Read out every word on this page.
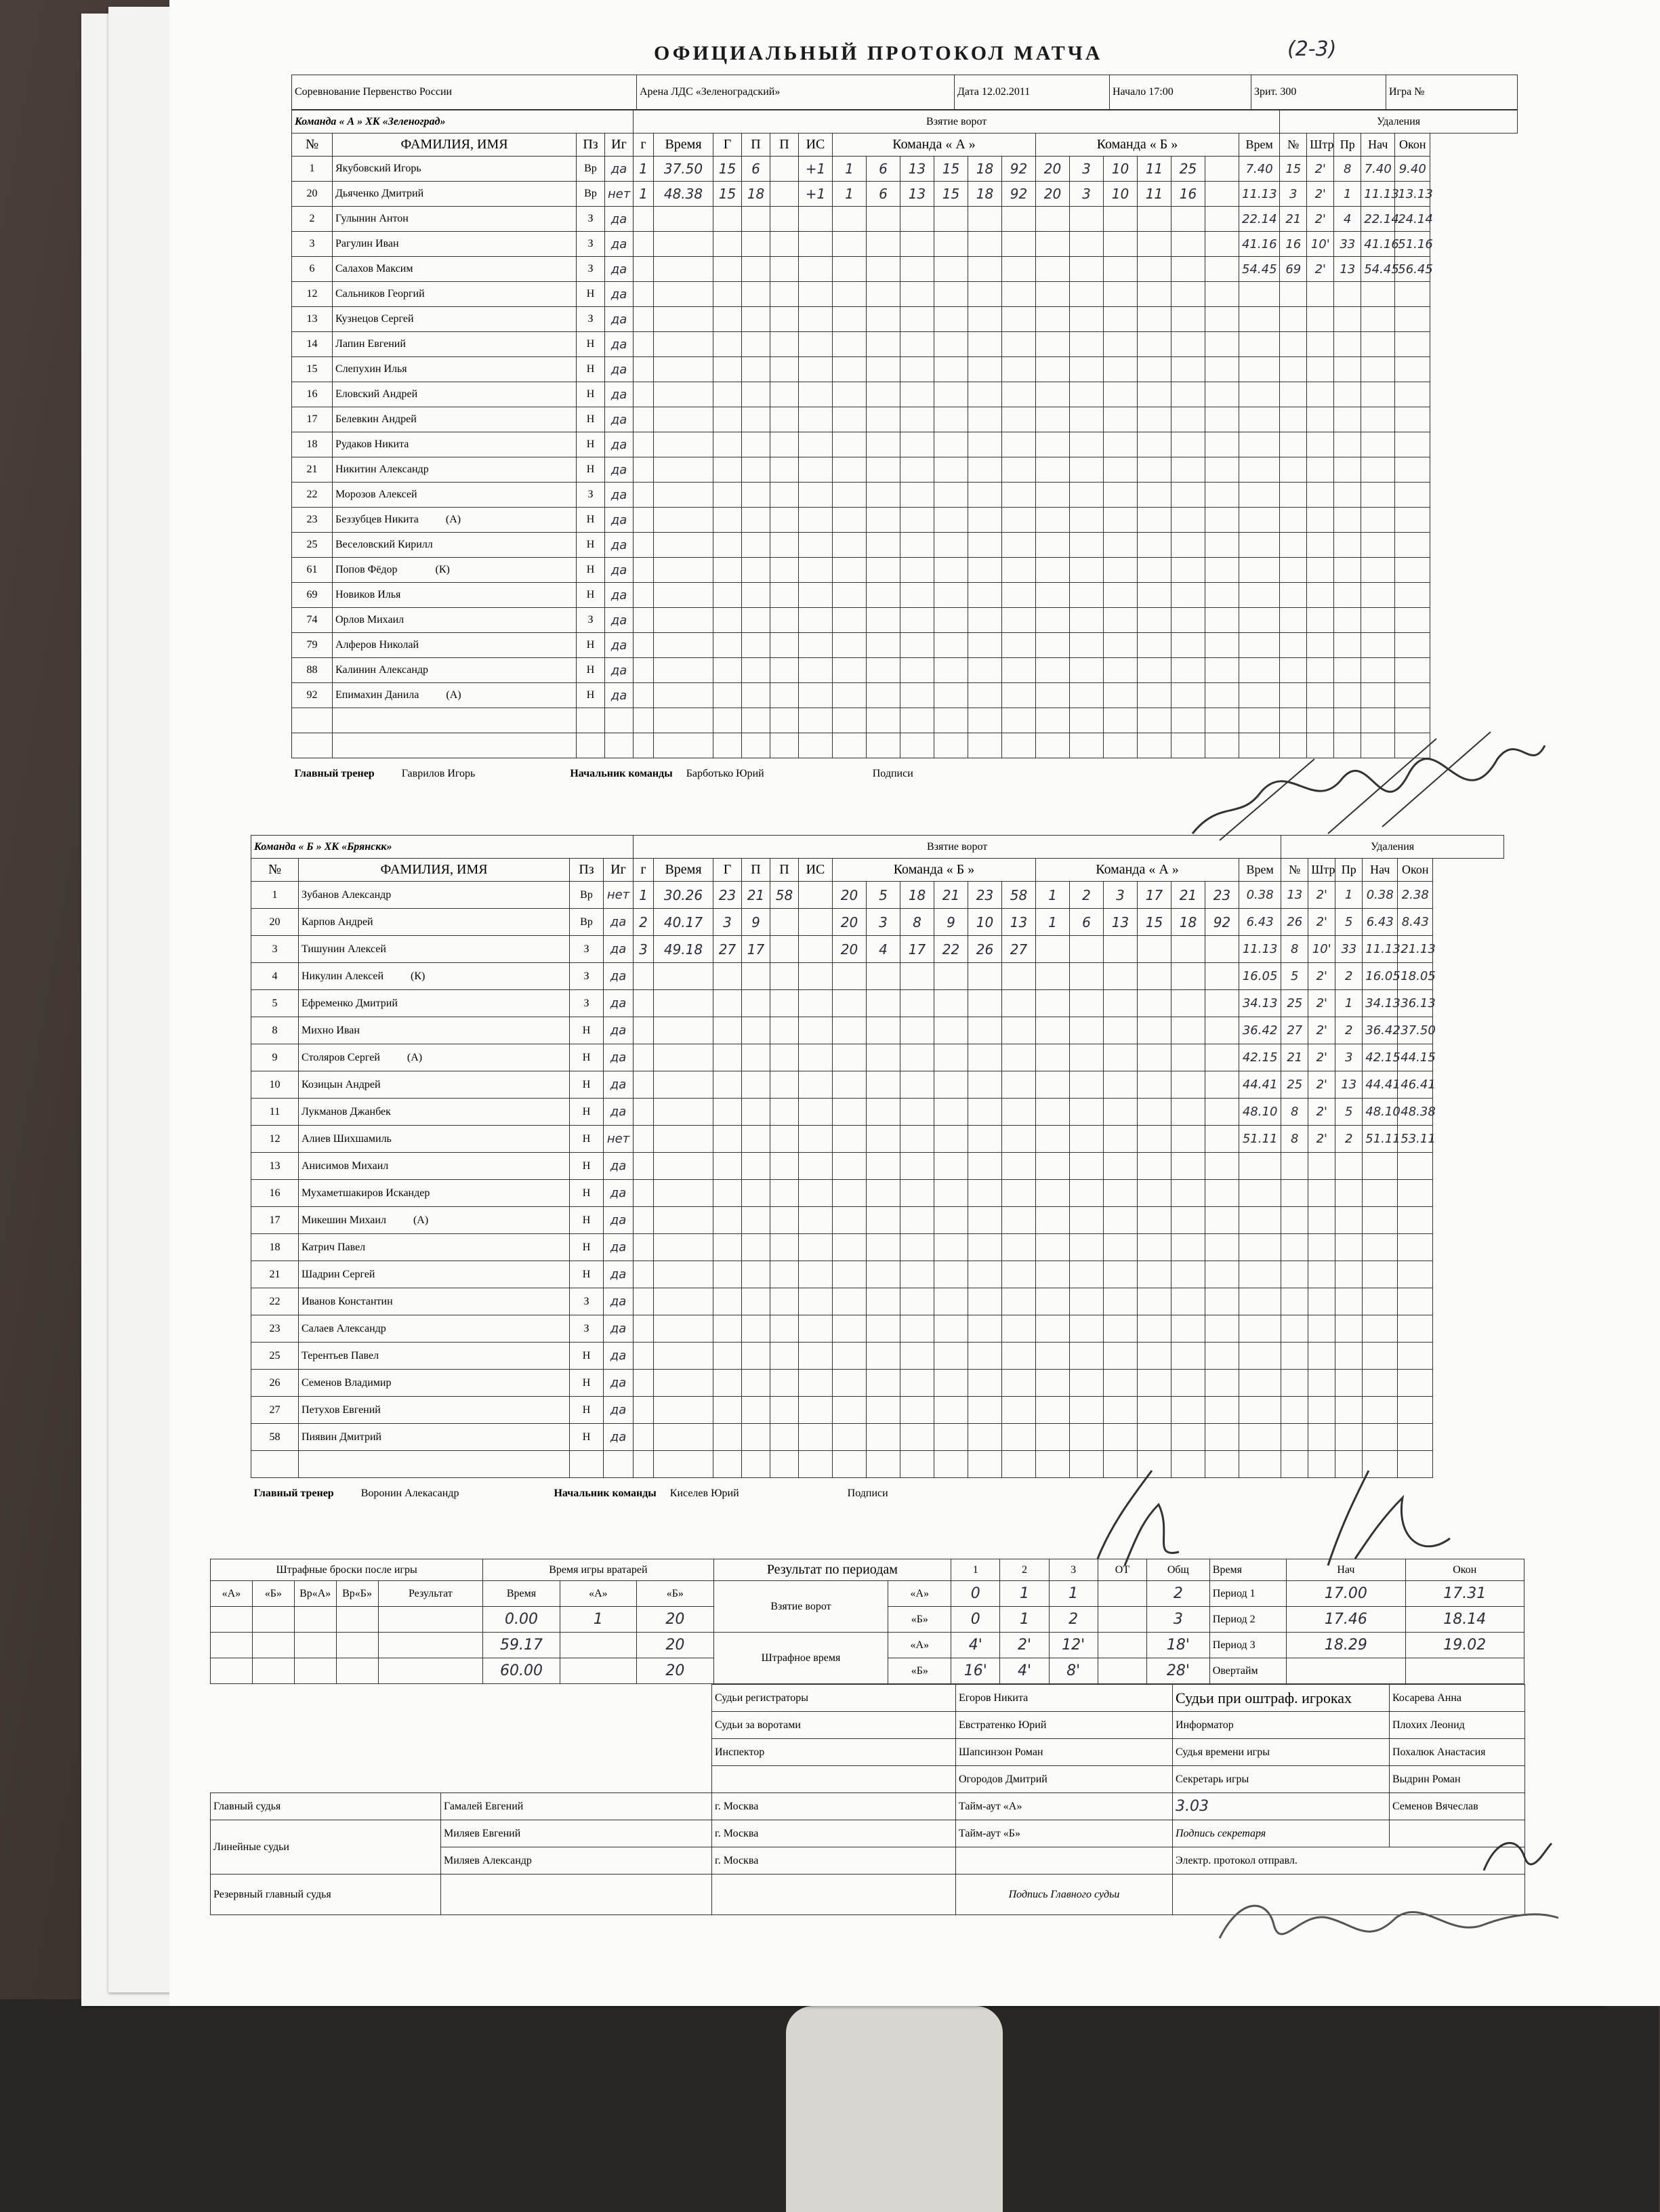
ОФИЦИАЛЬНЫЙ ПРОТОКОЛ МАТЧА	(2-3)
Соревнование Первенство России	Арена ЛДС «Зеленоградский»	Дата 12.02.2011	Начало 17:00	Зрит. 300	Игра №
Команда « А » ХК «Зеленоград»				Взятие ворот																			Удаления				
№	ФАМИЛИЯ, ИМЯ	Пз	Иг	г	Время	Г	П	П	ИС	Команда « А »						Команда « Б »						Врем	№	Штр	Пр	Нач	Окон
1	Якубовский Игорь	Вр	да	1	37.50	15	6		+1	1	6	13	15	18	92	20	3	10	11	25		7.40	15	2'	8	7.40	9.40
20	Дьяченко Дмитрий	Вр	нет	1	48.38	15	18		+1	1	6	13	15	18	92	20	3	10	11	16		11.13	3	2'	1	11.13	13.13
2	Гулынин Антон	З	да																			22.14	21	2'	4	22.14	24.14
3	Рагулин Иван	З	да																			41.16	16	10'	33	41.16	51.16
6	Салахов Максим	З	да																			54.45	69	2'	13	54.45	56.45
12	Сальников Георгий	Н	да																								
13	Кузнецов Сергей	З	да																								
14	Лапин Евгений	Н	да																								
15	Слепухин Илья	Н	да																								
16	Еловский Андрей	Н	да																								
17	Белевкин Андрей	Н	да																								
18	Рудаков Никита	Н	да																								
21	Никитин Александр	Н	да																								
22	Морозов Алексей	З	да																								
23	Беззубцев Никита          (А)	Н	да																								
25	Веселовский Кирилл	Н	да																								
61	Попов Фёдор              (К)	Н	да																								
69	Новиков Илья	Н	да																								
74	Орлов Михаил	З	да																								
79	Алферов Николай	Н	да																								
88	Калинин Александр	Н	да																								
92	Епимахин Данила          (А)	Н	да																								

Главный тренер Гаврилов Игорь Начальник команды Барботько Юрий Подписи																											
Команда « Б » ХК «Брянскк»				Взятие ворот																			Удаления				
№	ФАМИЛИЯ, ИМЯ	Пз	Иг	г	Время	Г	П	П	ИС	Команда « Б »						Команда « А »						Врем	№	Штр	Пр	Нач	Окон
1	Зубанов Александр	Вр	нет	1	30.26	23	21	58		20	5	18	21	23	58	1	2	3	17	21	23	0.38	13	2'	1	0.38	2.38
20	Карпов Андрей	Вр	да	2	40.17	3	9			20	3	8	9	10	13	1	6	13	15	18	92	6.43	26	2'	5	6.43	8.43
3	Тишунин Алексей	З	да	3	49.18	27	17			20	4	17	22	26	27							11.13	8	10'	33	11.13	21.13
4	Никулин Алексей          (К)	З	да																			16.05	5	2'	2	16.05	18.05
5	Ефременко Дмитрий	З	да																			34.13	25	2'	1	34.13	36.13
8	Михно Иван	Н	да																			36.42	27	2'	2	36.42	37.50
9	Столяров Сергей          (А)	Н	да																			42.15	21	2'	3	42.15	44.15
10	Козицын Андрей	Н	да																			44.41	25	2'	13	44.41	46.41
11	Лукманов Джанбек	Н	да																			48.10	8	2'	5	48.10	48.38
12	Алиев Шихшамиль	Н	нет																			51.11	8	2'	2	51.11	53.11
13	Анисимов Михаил	Н	да																								
16	Мухаметшакиров Искандер	Н	да																								
17	Микешин Михаил          (А)	Н	да																								
18	Катрич Павел	Н	да																								
21	Шадрин Сергей	Н	да																								
22	Иванов Константин	З	да																								
23	Салаев Александр	З	да																								
25	Терентьев Павел	Н	да																								
26	Семенов Владимир	Н	да																								
27	Петухов Евгений	Н	да																								
58	Пиявин Дмитрий	Н	да																								

Главный тренер Воронин Алекасандр Начальник команды Киселев Юрий Подписи																											
Штрафные броски после игры					Время игры вратарей			Результат по периодам		1	2	3	ОТ	Общ	Время	Нач	Окон
«А»	«Б»	Вр«А»	Вр«Б»	Результат	Время	«А»	«Б»	Взятие ворот	«А»	0	1	1		2	Период 1	17.00	17.31
					0.00	1	20		«Б»	0	1	2		3	Период 2	17.46	18.14
					59.17		20	Штрафное время	«А»	4'	2'	12'		18'	Период 3	18.29	19.02
					60.00		20		«Б»	16'	4'	8'		28'	Овертайм		
		Судьи регистраторы	Егоров Никита	Судьи при оштраф. игроках	Косарева Анна
		Судьи за воротами	Евстратенко Юрий	Информатор	Плохих Леонид
		Инспектор	Шапсинзон Роман	Судья времени игры	Похалюк Анастасия
			Огородов Дмитрий	Секретарь игры	Выдрин Роман
Главный судья	Гамалей Евгений	г. Москва	Тайм-аут «А»	3.03	Семенов Вячеслав
Линейные судьи	Миляев Евгений	г. Москва	Тайм-аут «Б»	Подпись секретаря	
	Миляев Александр	г. Москва		Электр. протокол отправл.	
Резервный главный судья			Подпись Главного судьи		
